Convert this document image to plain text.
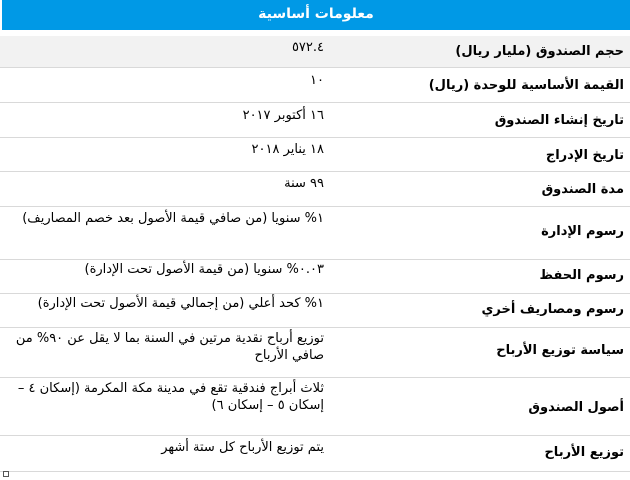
معلومات أساسية
حجم الصندوق (مليار ريال)
٥٧٢.٤
القيمة الأساسية للوحدة (ريال)
١٠
تاريخ إنشاء الصندوق
١٦ أكتوبر ٢٠١٧
تاريخ الإدراج
١٨ يناير ٢٠١٨
مدة الصندوق
٩٩ سنة
رسوم الإدارة
١% سنويا (من صافي قيمة الأصول بعد خصم المصاريف)
رسوم الحفظ
٠.٠٣% سنويا (من قيمة الأصول تحت الإدارة)
رسوم ومصاريف أخري
١% كحد أعلي (من إجمالي قيمة الأصول تحت الإدارة)
سياسة توزيع الأرباح
توزيع أرباح نقدية مرتين في السنة بما لا يقل عن ٩٠% من صافي الأرباح
أصول الصندوق
ثلاث أبراج فندقية تقع في مدينة مكة المكرمة (إسكان ٤ – إسكان ٥ – إسكان ٦)
توزيع الأرباح
يتم توزيع الأرباح كل ستة أشهر
